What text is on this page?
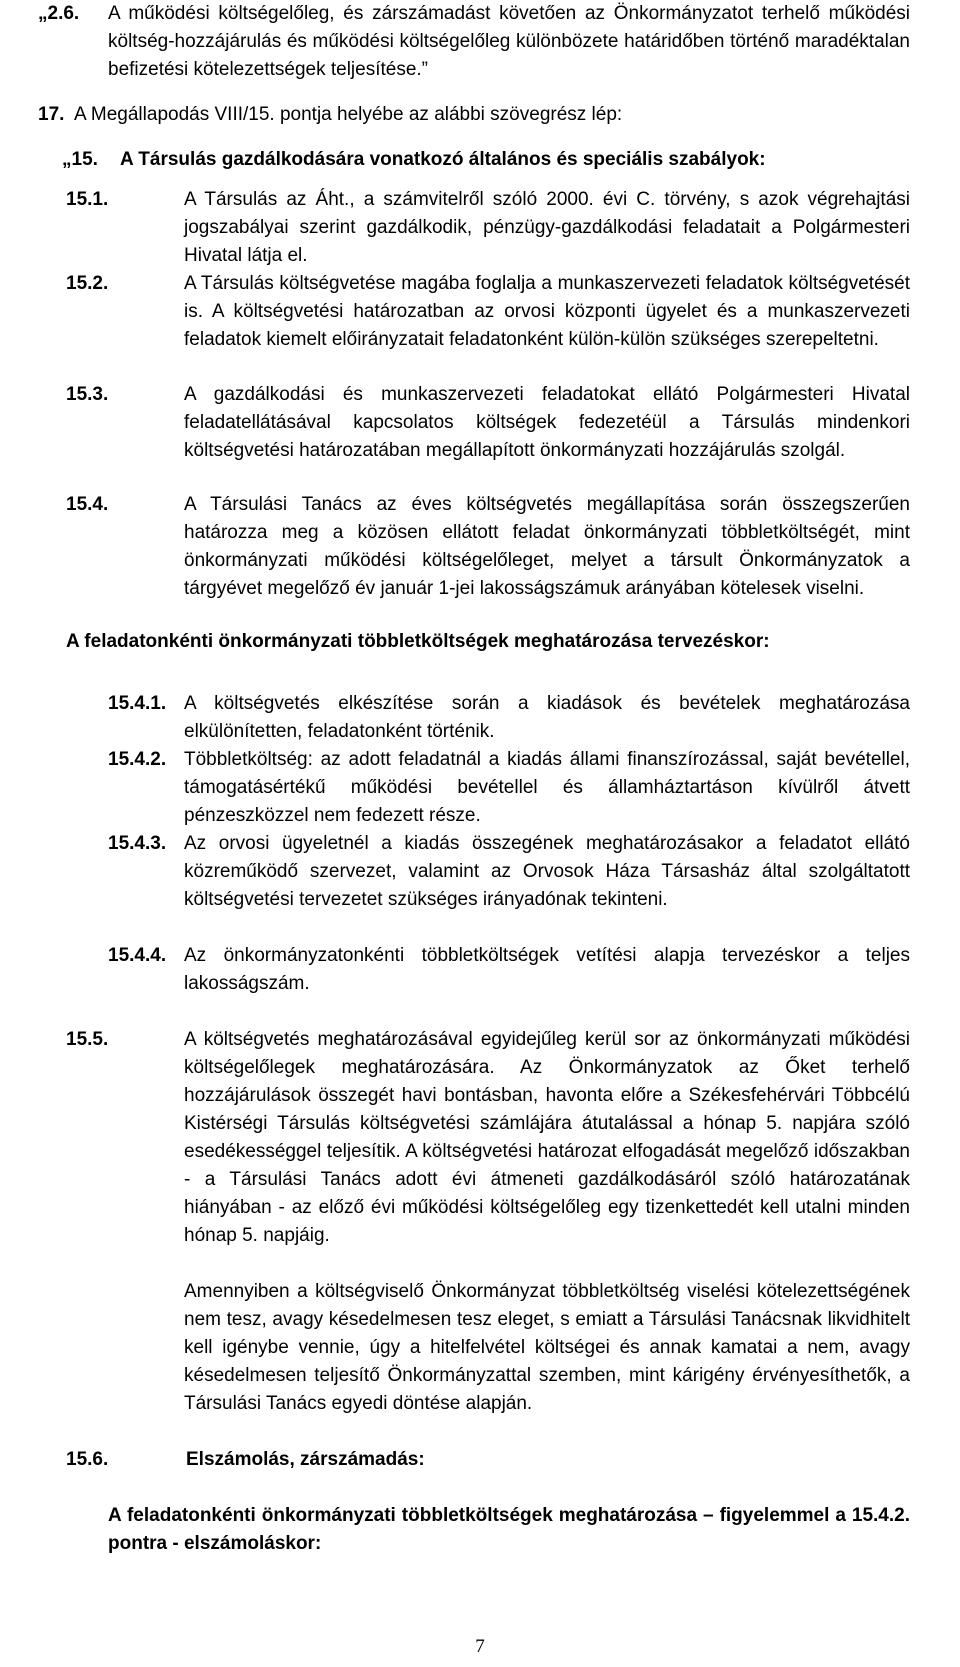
„2.6.	A működési költségelőleg, és zárszámadást követően az Önkormányzatot terhelő működési költség-hozzájárulás és működési költségelőleg különbözete határidőben történő maradéktalan befizetési kötelezettségek teljesítése.”
17. A Megállapodás VIII/15. pontja helyébe az alábbi szövegrész lép:
„15.	A Társulás gazdálkodására vonatkozó általános és speciális szabályok:
15.1.	A Társulás az Áht., a számvitelről szóló 2000. évi C. törvény, s azok végrehajtási jogszabályai szerint gazdálkodik, pénzügy-gazdálkodási feladatait a Polgármesteri Hivatal látja el.
15.2.	A Társulás költségvetése magába foglalja a munkaszervezeti feladatok költségvetését is. A költségvetési határozatban az orvosi központi ügyelet és a munkaszervezeti feladatok kiemelt előirányzatait feladatonként külön-külön szükséges szerepeltetni.
15.3.	A gazdálkodási és munkaszervezeti feladatokat ellátó Polgármesteri Hivatal feladatellátásával kapcsolatos költségek fedezetéül a Társulás mindenkori költségvetési határozatában megállapított önkormányzati hozzájárulás szolgál.
15.4.	A Társulási Tanács az éves költségvetés megállapítása során összegszerűen határozza meg a közösen ellátott feladat önkormányzati többletköltségét, mint önkormányzati működési költségelőleget, melyet a társult Önkormányzatok a tárgyévet megelőző év január 1-jei lakosságszámuk arányában kötelesek viselni.
A feladatonkénti önkormányzati többletköltségek meghatározása tervezéskor:
15.4.1. A költségvetés elkészítése során a kiadások és bevételek meghatározása elkülönítetten, feladatonként történik.
15.4.2. Többletköltség: az adott feladatnál a kiadás állami finanszírozással, saját bevétellel, támogatásértékű működési bevétellel és államháztartáson kívülről átvett pénzeszközzel nem fedezett része.
15.4.3. Az orvosi ügyeletnél a kiadás összegének meghatározásakor a feladatot ellátó közreműködő szervezet, valamint az Orvosok Háza Társasház által szolgáltatott költségvetési tervezetet szükséges irányadónak tekinteni.
15.4.4. Az önkormányzatonkénti többletköltségek vetítési alapja tervezéskor a teljes lakosságszám.
15.5.	A költségvetés meghatározásával egyidejűleg kerül sor az önkormányzati működési költségelőlegek meghatározására. Az Önkormányzatok az Őket terhelő hozzájárulások összegét havi bontásban, havonta előre a Székesfehérvári Többcélú Kistérségi Társulás költségvetési számlájára átutalással a hónap 5. napjára szóló esedékességgel teljesítik. A költségvetési határozat elfogadását megelőző időszakban - a Társulási Tanács adott évi átmeneti gazdálkodásáról szóló határozatának hiányában - az előző évi működési költségelőleg egy tizenkettedét kell utalni minden hónap 5. napjáig.
Amennyiben a költségviselő Önkormányzat többletköltség viselési kötelezettségének nem tesz, avagy késedelmesen tesz eleget, s emiatt a Társulási Tanácsnak likvidhitelt kell igénybe vennie, úgy a hitelfelvétel költségei és annak kamatai a nem, avagy késedelmesen teljesítő Önkormányzattal szemben, mint kárigény érvényesíthetők, a Társulási Tanács egyedi döntése alapján.
15.6.	Elszámolás, zárszámadás:
A feladatonkénti önkormányzati többletköltségek meghatározása – figyelemmel a 15.4.2. pontra - elszámoláskor:
7
